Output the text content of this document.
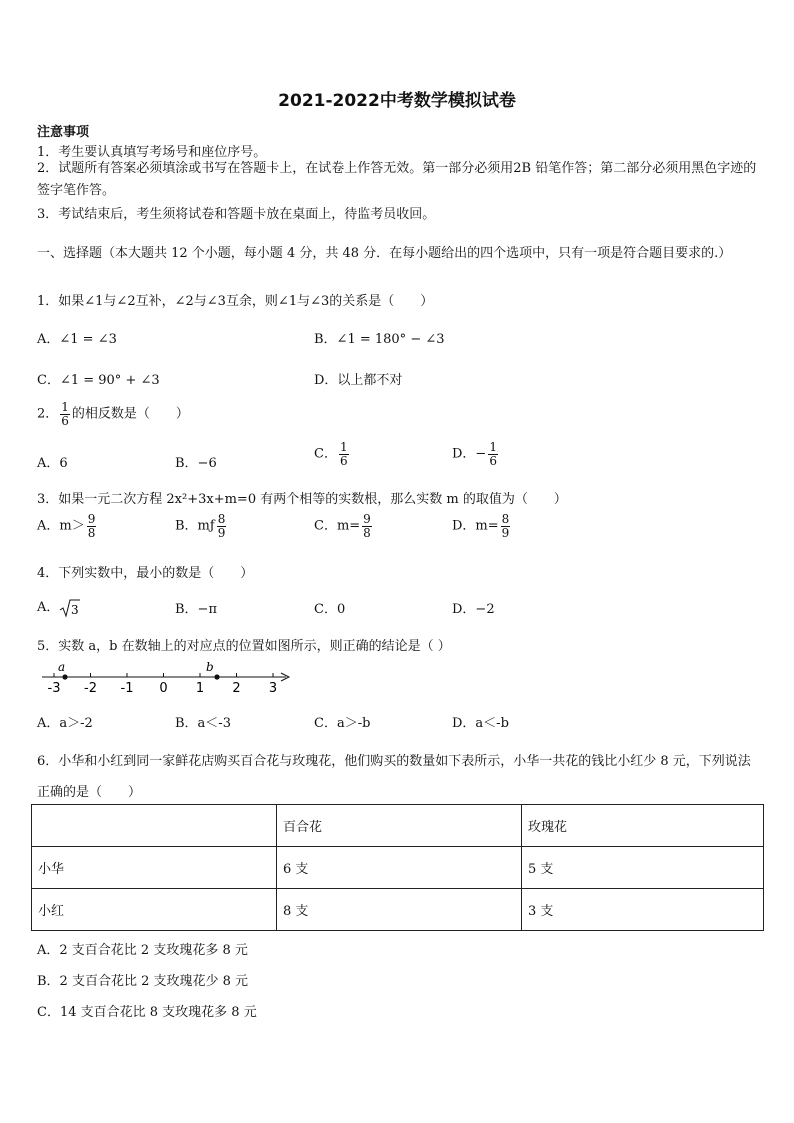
2021-2022中考数学模拟试卷
注意事项
1．考生要认真填写考场号和座位序号。
2．试题所有答案必须填涂或书写在答题卡上，在试卷上作答无效。第一部分必须用2B 铅笔作答；第二部分必须用黑色字迹的签字笔作答。
3．考试结束后，考生须将试卷和答题卡放在桌面上，待监考员收回。
一、选择题（本大题共 12 个小题，每小题 4 分，共 48 分．在每小题给出的四个选项中，只有一项是符合题目要求的.）
1．如果∠1与∠2互补，∠2与∠3互余，则∠1与∠3的关系是（　　）
A．∠1 = ∠3	B．∠1 = 180° − ∠3
C．∠1 = 90° + ∠3	D．以上都不对
2． $\frac{1}{6}$ 的相反数是（　　）
A．6	B．−6
C． $\frac{1}{6}$	D．− $\frac{1}{6}$
3．如果一元二次方程 2x²+3x+m=0 有两个相等的实数根，那么实数 m 的取值为（　　）
A．$m> \frac{9}{8}$	B．mƒ $\frac{8}{9}$	C．$m= \frac{9}{8}$	D．$m= \frac{8}{9}$
4．下列实数中，最小的数是（　　）
A． 3	B．−π	C．0	D．−2
5．实数 a，b 在数轴上的对应点的位置如图所示，则正确的结论是（ ）
-3 -2 -1 0 1 2 3
a	b
A．a＞-2	B．a＜-3	C．a＞-b	D．a＜-b
6．小华和小红到同一家鲜花店购买百合花与玫瑰花，他们购买的数量如下表所示，小华一共花的钱比小红少 8 元，下列说法正确的是（　　）
	百合花	玫瑰花
小华	6 支	5 支
小红	8 支	3 支
A．2 支百合花比 2 支玫瑰花多 8 元
B．2 支百合花比 2 支玫瑰花少 8 元
C．14 支百合花比 8 支玫瑰花多 8 元
